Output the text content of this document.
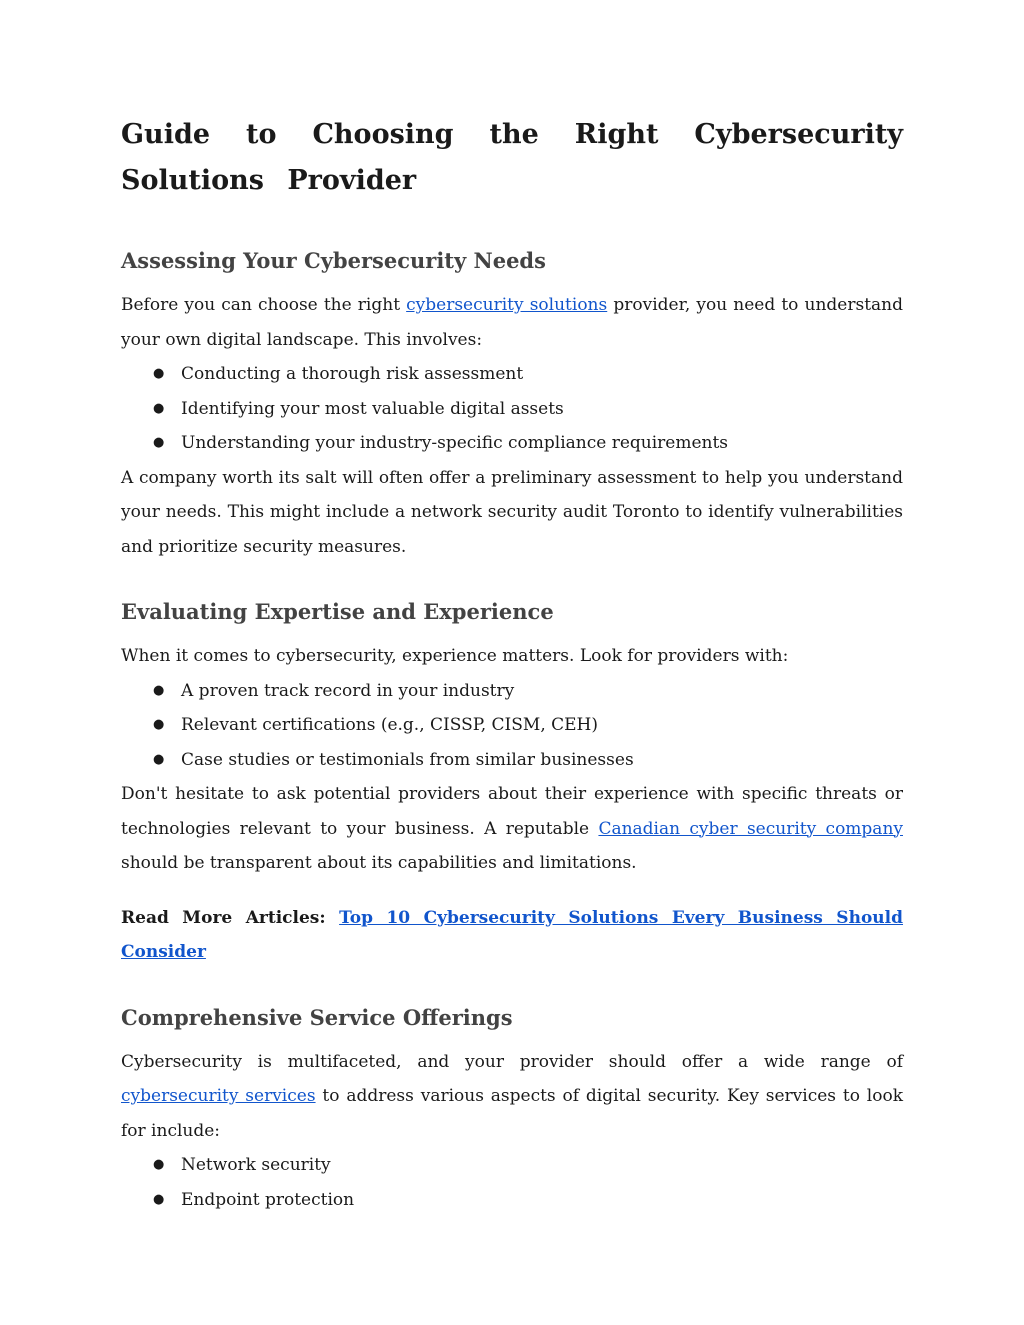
Guide to Choosing the Right Cybersecurity Solutions Provider
Assessing Your Cybersecurity Needs

Before you can choose the right cybersecurity solutions provider, you need to understand your own digital landscape. This involves:

● Conducting a thorough risk assessment
● Identifying your most valuable digital assets
● Understanding your industry-specific compliance requirements

A company worth its salt will often offer a preliminary assessment to help you understand your needs. This might include a network security audit Toronto to identify vulnerabilities and prioritize security measures.

Evaluating Expertise and Experience

When it comes to cybersecurity, experience matters. Look for providers with:

● A proven track record in your industry
● Relevant certifications (e.g., CISSP, CISM, CEH)
● Case studies or testimonials from similar businesses

Don't hesitate to ask potential providers about their experience with specific threats or technologies relevant to your business. A reputable Canadian cyber security company should be transparent about its capabilities and limitations.

Read More Articles: Top 10 Cybersecurity Solutions Every Business Should Consider

Comprehensive Service Offerings

Cybersecurity is multifaceted, and your provider should offer a wide range of cybersecurity services to address various aspects of digital security. Key services to look for include:

● Network security
● Endpoint protection
